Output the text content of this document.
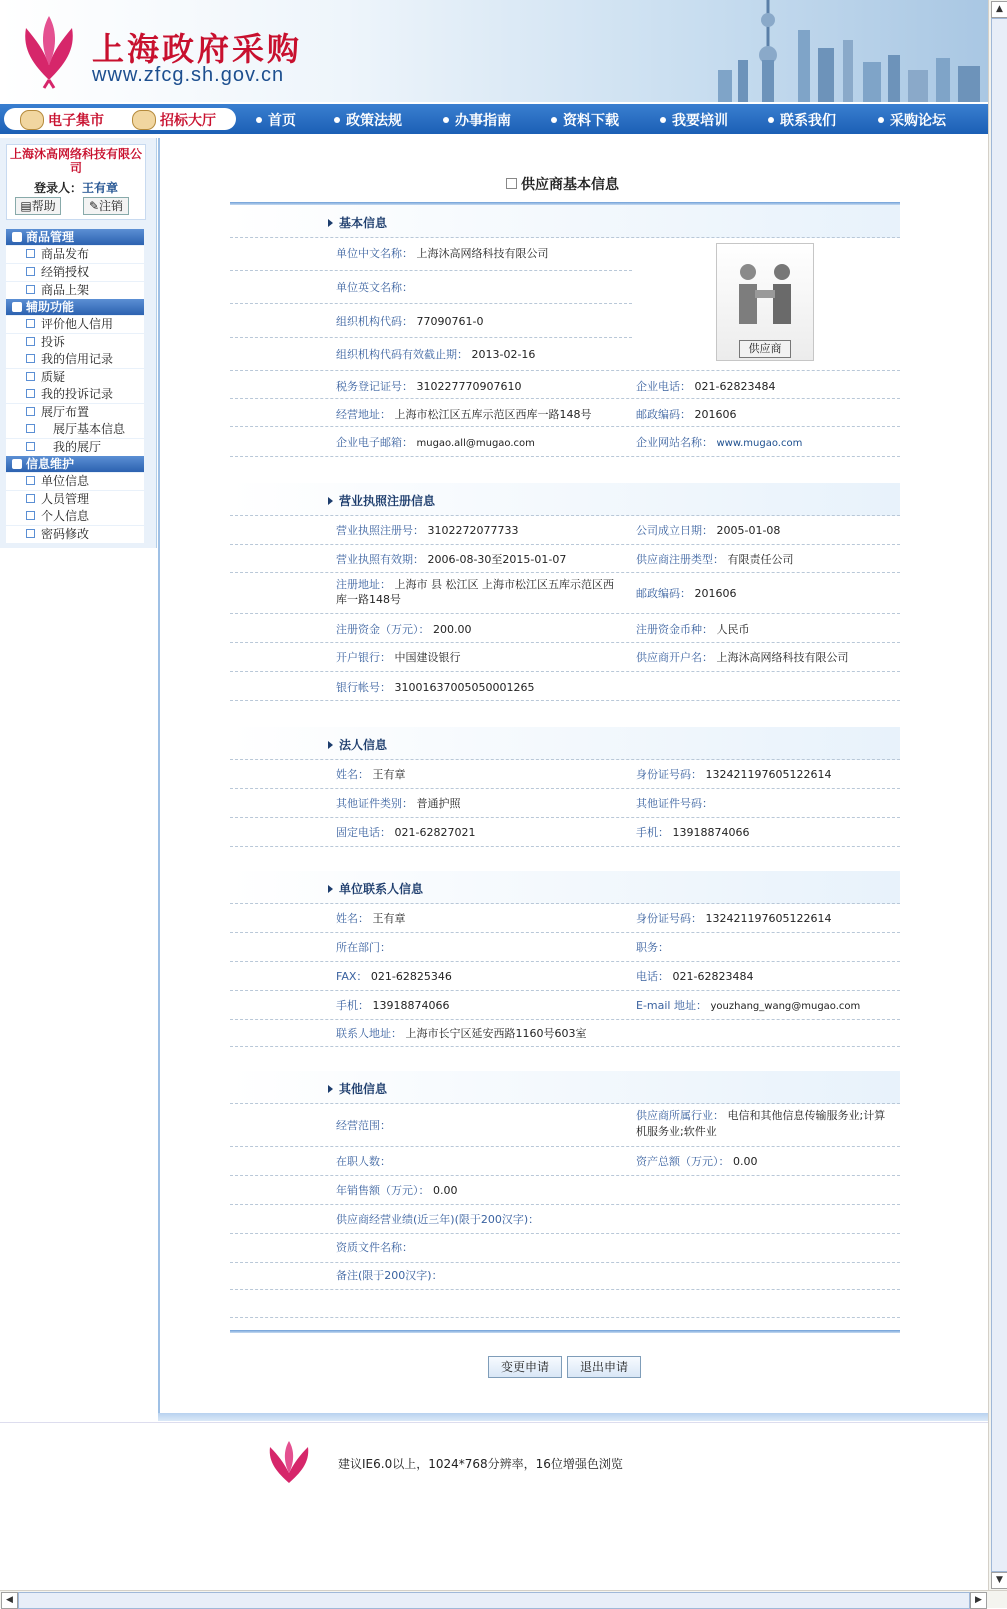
上海政府采购
www.zfcg.sh.gov.cn
电子集市	招标大厅	首页	政策法规	办事指南	资料下载	我要培训	联系我们	采购论坛
上海沐高网络科技有限公司
登录人：王有章
▤帮助	✎注销
商品管理
商品发布
经销授权
商品上架
辅助功能
评价他人信用
投诉
我的信用记录
质疑
我的投诉记录
展厅布置
展厅基本信息
我的展厅
信息维护
单位信息
人员管理
个人信息
密码修改
供应商基本信息
基本信息
单位中文名称： 上海沐高网络科技有限公司
单位英文名称：
组织机构代码： 77090761-0
组织机构代码有效截止期： 2013-02-16	供应商
税务登记证号： 310227770907610	企业电话： 021-62823484
经营地址： 上海市松江区五库示范区西库一路148号	邮政编码： 201606
企业电子邮箱： mugao.all@mugao.com	企业网站名称： www.mugao.com
营业执照注册信息
营业执照注册号： 3102272077733	公司成立日期： 2005-01-08
营业执照有效期： 2006-08-30至2015-01-07	供应商注册类型： 有限责任公司
注册地址： 上海市 县 松江区 上海市松江区五库示范区西库一路148号	邮政编码： 201606
注册资金（万元）： 200.00	注册资金币种： 人民币
开户银行： 中国建设银行	供应商开户名： 上海沐高网络科技有限公司
银行帐号： 31001637005050001265
法人信息
姓名： 王有章	身份证号码： 132421197605122614
其他证件类别： 普通护照	其他证件号码：
固定电话： 021-62827021	手机： 13918874066
单位联系人信息
姓名： 王有章	身份证号码： 132421197605122614
所在部门：	职务：
FAX： 021-62825346	电话： 021-62823484
手机： 13918874066	E-mail 地址： youzhang_wang@mugao.com
联系人地址： 上海市长宁区延安西路1160号603室
其他信息
经营范围：
供应商所属行业： 电信和其他信息传输服务业;计算机服务业;软件业
在职人数：	资产总额（万元）： 0.00
年销售额（万元）： 0.00
供应商经营业绩(近三年)(限于200汉字)：
资质文件名称：
备注(限于200汉字)：
变更申请	退出申请
建议IE6.0以上，1024*768分辨率，16位增强色浏览
▲
▼
◀	▶
